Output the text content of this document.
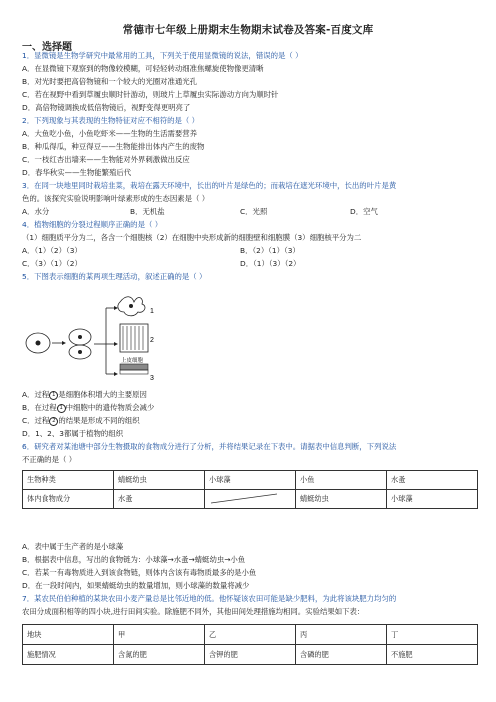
常德市七年级上册期末生物期末试卷及答案-百度文库
一、选择题
1．显微镜是生物学研究中最常用的工具，下列关于使用显微镜的说法，错误的是（ ）
A．在显微镜下观察到的物像较模糊，可轻轻转动细准焦螺旋使物像更清晰
B．对光时要把高倍物镜和一个较大的光圈对准通光孔
C．若在视野中看到草履虫顺时针游动，则玻片上草履虫实际游动方向为顺时针
D．高倍物镜调换成低倍物镜后，视野变得更明亮了
2．下列现象与其表现的生物特征对应不相符的是（ ）
A．大鱼吃小鱼，小鱼吃虾米——生物的生活需要营养
B．种瓜得瓜，种豆得豆——生物能排出体内产生的废物
C．一枝红杏出墙来——生物能对外界刺激做出反应
D．春华秋实——生物能繁殖后代
3．在同一块地里同时栽培韭菜，栽培在露天环境中，长出的叶片是绿色的；而栽培在遮光环境中，长出的叶片是黄
色的。该探究实验说明影响叶绿素形成的生态因素是（ ）
A．水分	B．无机盐	C．光照	D．空气
4．植物细胞的分裂过程顺序正确的是（ ）
（1）细胞质平分为二，各含一个细胞核（2）在细胞中央形成新的细胞壁和细胞膜（3）细胞核平分为二
A．（1）（2）（3）	B．（2）（1）（3）
C．（3）（1）（2）	D．（1）（3）（2）
5．下图表示细胞的某两项生理活动，叙述正确的是（ ）
1
2
3
上皮细胞
A．过程 1 是细胞体积增大的主要原因
B．在过程 1 中细胞中的遗传物质会减少
C．过程 2 的结果是形成不同的组织
D．1、2、3都属于植物的组织
6．研究者对某池塘中部分生物摄取的食物成分进行了分析，并将结果记录在下表中。请据表中信息判断，下列说法
不正确的是（ ）
生物种类	蜻蜓幼虫	小球藻	小鱼	水蚤
体内食物成分	水蚤		蜻蜓幼虫	小球藻
A．表中属于生产者的是小球藻
B．根据表中信息，写出的食物链为：小球藻→水蚤→蜻蜓幼虫→小鱼
C．若某一有毒物质进入到该食物链，则体内含该有毒物质最多的是小鱼
D．在一段时间内，如果蜻蜓幼虫的数量增加，则小球藻的数量将减少
7．某农民伯伯种植的某块农田小麦产量总是比邻近地的低。他怀疑该农田可能是缺少肥料，为此将该块肥力均匀的
农田分成面积相等的四小块,进行田间实验。除施肥不同外，其他田间处理措施均相同。实验结果如下表：
地块	甲	乙	丙	丁
施肥情况	含氮的肥	含钾的肥	含磷的肥	不施肥
